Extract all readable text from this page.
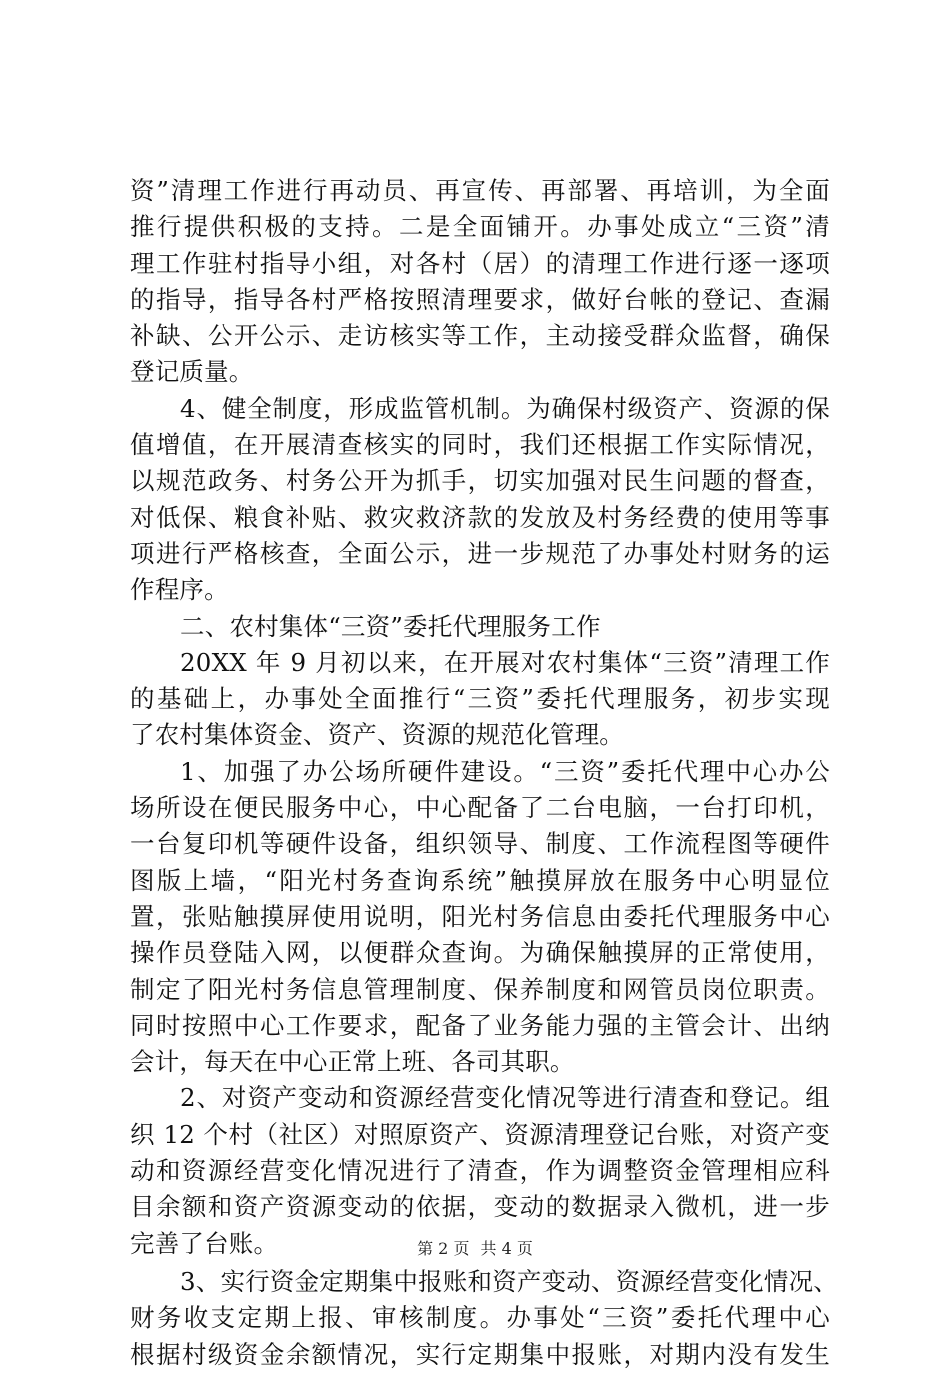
资”清理工作进行再动员、再宣传、再部署、再培训，为全面
推行提供积极的支持。二是全面铺开。办事处成立“三资”清
理工作驻村指导小组，对各村（居）的清理工作进行逐一逐项
的指导，指导各村严格按照清理要求，做好台帐的登记、查漏
补缺、公开公示、走访核实等工作，主动接受群众监督，确保
登记质量。
4、健全制度，形成监管机制。为确保村级资产、资源的保
值增值，在开展清查核实的同时，我们还根据工作实际情况，
以规范政务、村务公开为抓手，切实加强对民生问题的督查，
对低保、粮食补贴、救灾救济款的发放及村务经费的使用等事
项进行严格核查，全面公示，进一步规范了办事处村财务的运
作程序。
二、农村集体“三资”委托代理服务工作
20XX 年 9 月初以来，在开展对农村集体“三资”清理工作
的基础上，办事处全面推行“三资”委托代理服务，初步实现
了农村集体资金、资产、资源的规范化管理。
1、加强了办公场所硬件建设。“三资”委托代理中心办公
场所设在便民服务中心，中心配备了二台电脑，一台打印机，
一台复印机等硬件设备，组织领导、制度、工作流程图等硬件
图版上墙，“阳光村务查询系统”触摸屏放在服务中心明显位
置，张贴触摸屏使用说明，阳光村务信息由委托代理服务中心
操作员登陆入网，以便群众查询。为确保触摸屏的正常使用，
制定了阳光村务信息管理制度、保养制度和网管员岗位职责。
同时按照中心工作要求，配备了业务能力强的主管会计、出纳
会计，每天在中心正常上班、各司其职。
2、对资产变动和资源经营变化情况等进行清查和登记。组
织 12 个村（社区）对照原资产、资源清理登记台账，对资产变
动和资源经营变化情况进行了清查，作为调整资金管理相应科
目余额和资产资源变动的依据，变动的数据录入微机，进一步
完善了台账。
3、实行资金定期集中报账和资产变动、资源经营变化情况、
财务收支定期上报、审核制度。办事处“三资”委托代理中心
根据村级资金余额情况，实行定期集中报账，对期内没有发生
第 2 页 共 4 页
